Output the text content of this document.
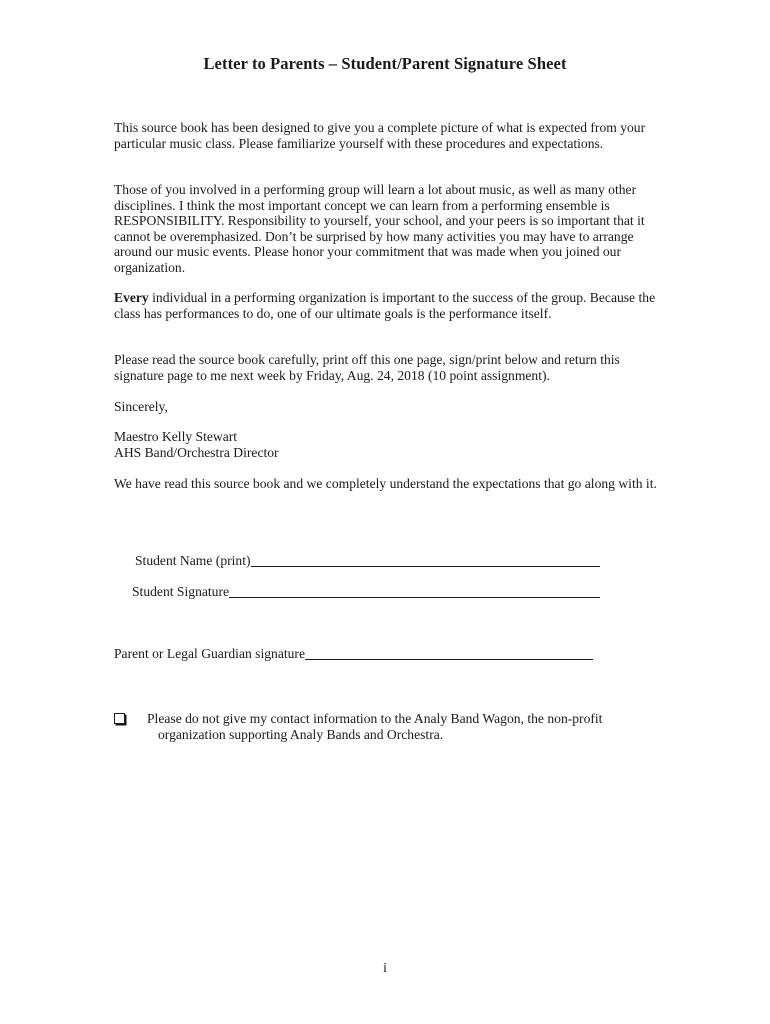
Letter to Parents – Student/Parent Signature Sheet

This source book has been designed to give you a complete picture of what is expected from your particular music class. Please familiarize yourself with these procedures and expectations.

Those of you involved in a performing group will learn a lot about music, as well as many other disciplines. I think the most important concept we can learn from a performing ensemble is RESPONSIBILITY. Responsibility to yourself, your school, and your peers is so important that it cannot be overemphasized. Don’t be surprised by how many activities you may have to arrange around our music events. Please honor your commitment that was made when you joined our organization.

Every individual in a performing organization is important to the success of the group. Because the class has performances to do, one of our ultimate goals is the performance itself.

Please read the source book carefully, print off this one page, sign/print below and return this signature page to me next week by Friday, Aug. 24, 2018 (10 point assignment).

Sincerely,

Maestro Kelly Stewart
AHS Band/Orchestra Director

We have read this source book and we completely understand the expectations that go along with it.

Student Name (print)
Student Signature
Parent or Legal Guardian signature
Please do not give my contact information to the Analy Band Wagon, the non-profit
organization supporting Analy Bands and Orchestra.
i
